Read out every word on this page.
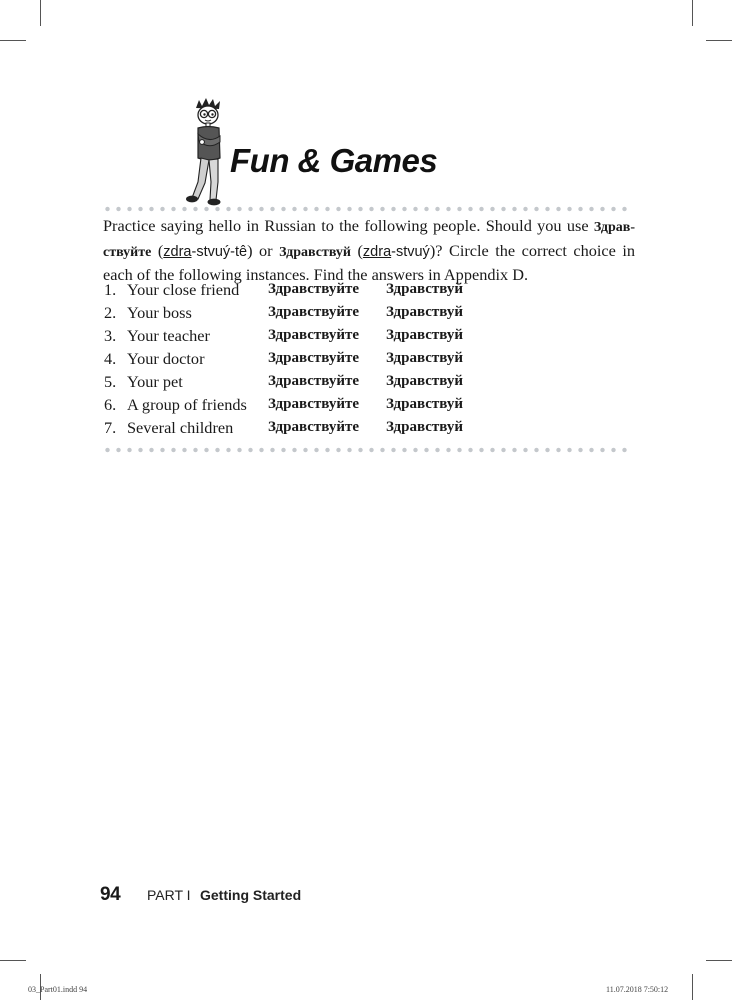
Fun & Games
Practice saying hello in Russian to the following people. Should you use Здрав-ствуйте (zdra-stvuý-tê) or Здравствуй (zdra-stvuý)? Circle the correct choice in each of the following instances. Find the answers in Appendix D.
1. Your close friend Здравствуйте Здравствуй
2. Your boss	Здравствуйте Здравствуй
3. Your teacher	Здравствуйте Здравствуй
4. Your doctor	Здравствуйте Здравствуй
5. Your pet	Здравствуйте Здравствуй
6. A group of friends Здравствуйте Здравствуй
7. Several children Здравствуйте Здравствуй
94 PART I Getting Started
03_Part01.indd 94	11.07.2018 7:50:12
